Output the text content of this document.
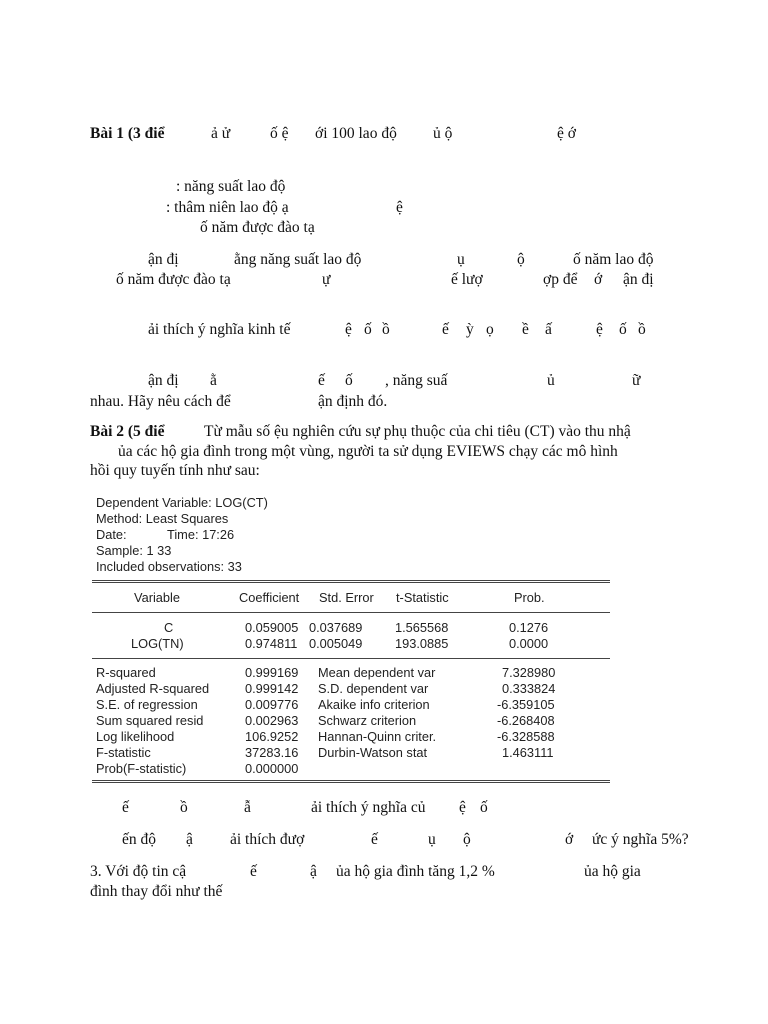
Bài 1 (3 điể	ả ử	ố ệ ới 100 lao độ ủ ộ	ệ ớ
: năng suất lao độ
: thâm niên lao độ ạ	ệ
ố năm được đào tạ
ận đị	ằng năng suất lao độ	ụ	ộ	ố năm lao độ
ố năm được đào tạ	ự	ế lượ	ợp để ớ ận đị
ải thích ý nghĩa kinh tế	ệ ố ồ	ế ỳ ọ ề ấ	ệ ố ồ
ận đị ằ	ế ố , năng suấ	ủ	ữ
nhau. Hãy nêu cách để	ận định đó.
Bài 2 (5 điể	Từ mẫu số ệu nghiên cứu sự phụ thuộc của chi tiêu (CT) vào thu nhậ
ủa các hộ gia đình trong một vùng, người ta sử dụng EVIEWS chạy các mô hình
hồi quy tuyến tính như sau:
Dependent Variable: LOG(CT)
Method: Least Squares
Date:	Time: 17:26
Sample: 1 33
Included observations: 33
Variable	Coefficient Std. Error t-Statistic	Prob.
C	0.059005 0.037689	1.565568	0.1276
LOG(TN)	0.974811 0.005049	193.0885	0.0000
R-squared	0.999169 Mean dependent var	7.328980
Adjusted R-squared	0.999142 S.D. dependent var	0.333824
S.E. of regression	0.009776 Akaike info criterion	-6.359105
Sum squared resid	0.002963 Schwarz criterion	-6.268408
Log likelihood	106.9252 Hannan-Quinn criter.	-6.328588
F-statistic	37283.16 Durbin-Watson stat	1.463111
Prob(F-statistic)	0.000000
ế	ồ	ẫ	ải thích ý nghĩa củ ệ ố
ến độ ậ ải thích đượ	ế	ụ ộ	ớ ức ý nghĩa 5%?
3. Với độ tin cậ	ế	ậ ủa hộ gia đình tăng 1,2 %	ủa hộ gia
đình thay đổi như thế
